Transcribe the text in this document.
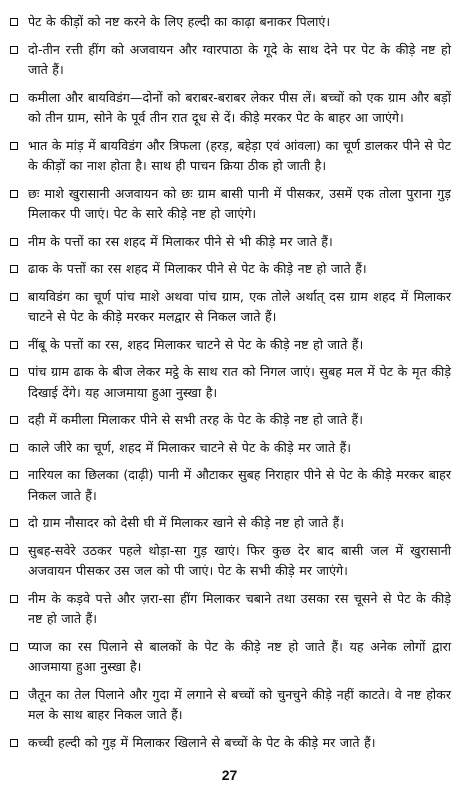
पेट के कीड़ों को नष्ट करने के लिए हल्दी का काढ़ा बनाकर पिलाएं।
दो-तीन रत्ती हींग को अजवायन और ग्वारपाठा के गूदे के साथ देने पर पेट के कीड़े नष्ट हो जाते हैं।
कमीला और बायविडंग—दोनों को बराबर-बराबर लेकर पीस लें। बच्चों को एक ग्राम और बड़ों को तीन ग्राम, सोने के पूर्व तीन रात दूध से दें। कीड़े मरकर पेट के बाहर आ जाएंगे।
भात के मांड़ में बायविडंग और त्रिफला (हरड़, बहेड़ा एवं आंवला) का चूर्ण डालकर पीने से पेट के कीड़ों का नाश होता है। साथ ही पाचन क्रिया ठीक हो जाती है।
छः माशे खुरासानी अजवायन को छः ग्राम बासी पानी में पीसकर, उसमें एक तोला पुराना गुड़ मिलाकर पी जाएं। पेट के सारे कीड़े नष्ट हो जाएंगे।
नीम के पत्तों का रस शहद में मिलाकर पीने से भी कीड़े मर जाते हैं।
ढाक के पत्तों का रस शहद में मिलाकर पीने से पेट के कीड़े नष्ट हो जाते हैं।
बायविडंग का चूर्ण पांच माशे अथवा पांच ग्राम, एक तोले अर्थात् दस ग्राम शहद में मिलाकर चाटने से पेट के कीड़े मरकर मलद्वार से निकल जाते हैं।
नींबू के पत्तों का रस, शहद मिलाकर चाटने से पेट के कीड़े नष्ट हो जाते हैं।
पांच ग्राम ढाक के बीज लेकर मट्ठे के साथ रात को निगल जाएं। सुबह मल में पेट के मृत कीड़े दिखाई देंगे। यह आजमाया हुआ नुस्खा है।
दही में कमीला मिलाकर पीने से सभी तरह के पेट के कीड़े नष्ट हो जाते हैं।
काले जीरे का चूर्ण, शहद में मिलाकर चाटने से पेट के कीड़े मर जाते हैं।
नारियल का छिलका (दाढ़ी) पानी में औटाकर सुबह निराहार पीने से पेट के कीड़े मरकर बाहर निकल जाते हैं।
दो ग्राम नौसादर को देसी घी में मिलाकर खाने से कीड़े नष्ट हो जाते हैं।
सुबह-सवेरे उठकर पहले थोड़ा-सा गुड़ खाएं। फिर कुछ देर बाद बासी जल में खुरासानी अजवायन पीसकर उस जल को पी जाएं। पेट के सभी कीड़े मर जाएंगे।
नीम के कड़वे पत्ते और ज़रा-सा हींग मिलाकर चबाने तथा उसका रस चूसने से पेट के कीड़े नष्ट हो जाते हैं।
प्याज का रस पिलाने से बालकों के पेट के कीड़े नष्ट हो जाते हैं। यह अनेक लोगों द्वारा आजमाया हुआ नुस्खा है।
जैतून का तेल पिलाने और गुदा में लगाने से बच्चों को चुनचुने कीड़े नहीं काटते। वे नष्ट होकर मल के साथ बाहर निकल जाते हैं।
कच्ची हल्दी को गुड़ में मिलाकर खिलाने से बच्चों के पेट के कीड़े मर जाते हैं।
27
